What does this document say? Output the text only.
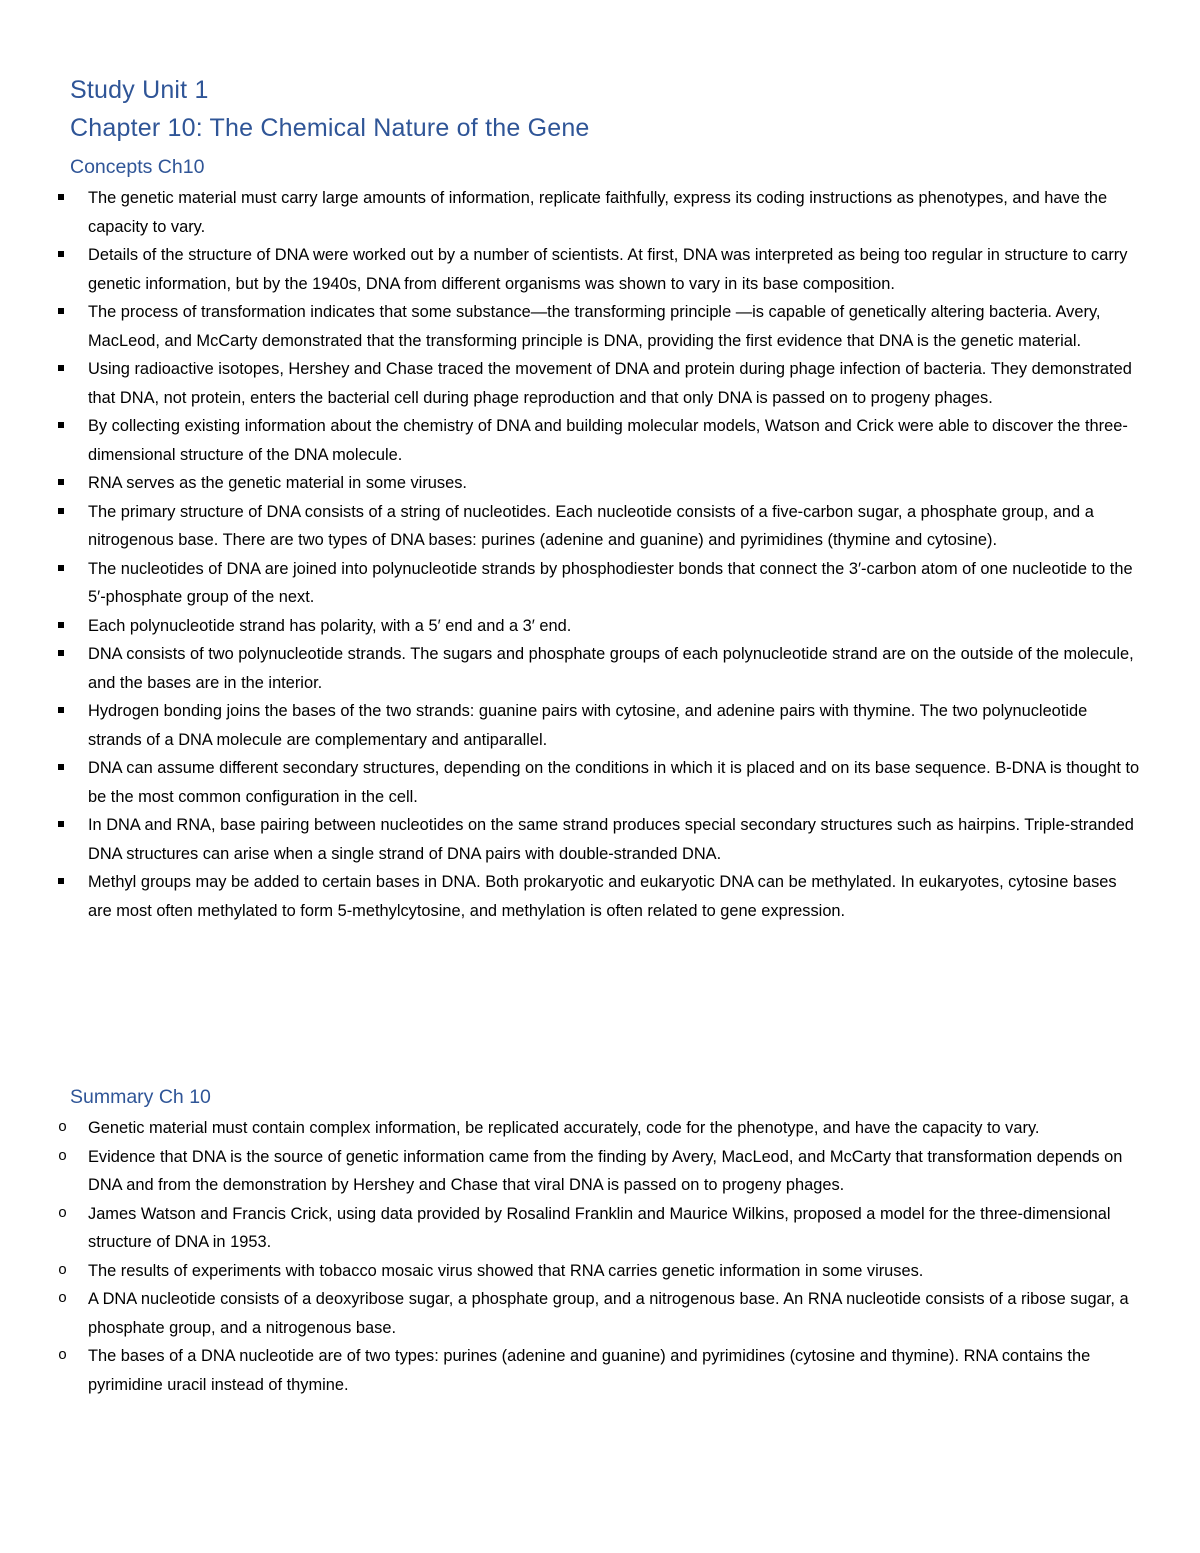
Study Unit 1
Chapter 10: The Chemical Nature of the Gene
Concepts Ch10
The genetic material must carry large amounts of information, replicate faithfully, express its coding instructions as phenotypes, and have the capacity to vary.
Details of the structure of DNA were worked out by a number of scientists. At first, DNA was interpreted as being too regular in structure to carry genetic information, but by the 1940s, DNA from different organisms was shown to vary in its base composition.
The process of transformation indicates that some substance—the transforming principle —is capable of genetically altering bacteria. Avery, MacLeod, and McCarty demonstrated that the transforming principle is DNA, providing the first evidence that DNA is the genetic material.
Using radioactive isotopes, Hershey and Chase traced the movement of DNA and protein during phage infection of bacteria. They demonstrated that DNA, not protein, enters the bacterial cell during phage reproduction and that only DNA is passed on to progeny phages.
By collecting existing information about the chemistry of DNA and building molecular models, Watson and Crick were able to discover the three-dimensional structure of the DNA molecule.
RNA serves as the genetic material in some viruses.
The primary structure of DNA consists of a string of nucleotides. Each nucleotide consists of a five-carbon sugar, a phosphate group, and a nitrogenous base. There are two types of DNA bases: purines (adenine and guanine) and pyrimidines (thymine and cytosine).
The nucleotides of DNA are joined into polynucleotide strands by phosphodiester bonds that connect the 3′-carbon atom of one nucleotide to the 5′-phosphate group of the next.
Each polynucleotide strand has polarity, with a 5′ end and a 3′ end.
DNA consists of two polynucleotide strands. The sugars and phosphate groups of each polynucleotide strand are on the outside of the molecule, and the bases are in the interior.
Hydrogen bonding joins the bases of the two strands: guanine pairs with cytosine, and adenine pairs with thymine. The two polynucleotide strands of a DNA molecule are complementary and antiparallel.
DNA can assume different secondary structures, depending on the conditions in which it is placed and on its base sequence. B-DNA is thought to be the most common configuration in the cell.
In DNA and RNA, base pairing between nucleotides on the same strand produces special secondary structures such as hairpins. Triple-stranded DNA structures can arise when a single strand of DNA pairs with double-stranded DNA.
Methyl groups may be added to certain bases in DNA. Both prokaryotic and eukaryotic DNA can be methylated. In eukaryotes, cytosine bases are most often methylated to form 5-methylcytosine, and methylation is often related to gene expression.
Summary Ch 10
o Genetic material must contain complex information, be replicated accurately, code for the phenotype, and have the capacity to vary.
o Evidence that DNA is the source of genetic information came from the finding by Avery, MacLeod, and McCarty that transformation depends on DNA and from the demonstration by Hershey and Chase that viral DNA is passed on to progeny phages.
o James Watson and Francis Crick, using data provided by Rosalind Franklin and Maurice Wilkins, proposed a model for the three-dimensional structure of DNA in 1953.
o The results of experiments with tobacco mosaic virus showed that RNA carries genetic information in some viruses.
o A DNA nucleotide consists of a deoxyribose sugar, a phosphate group, and a nitrogenous base. An RNA nucleotide consists of a ribose sugar, a phosphate group, and a nitrogenous base.
o The bases of a DNA nucleotide are of two types: purines (adenine and guanine) and pyrimidines (cytosine and thymine). RNA contains the pyrimidine uracil instead of thymine.
